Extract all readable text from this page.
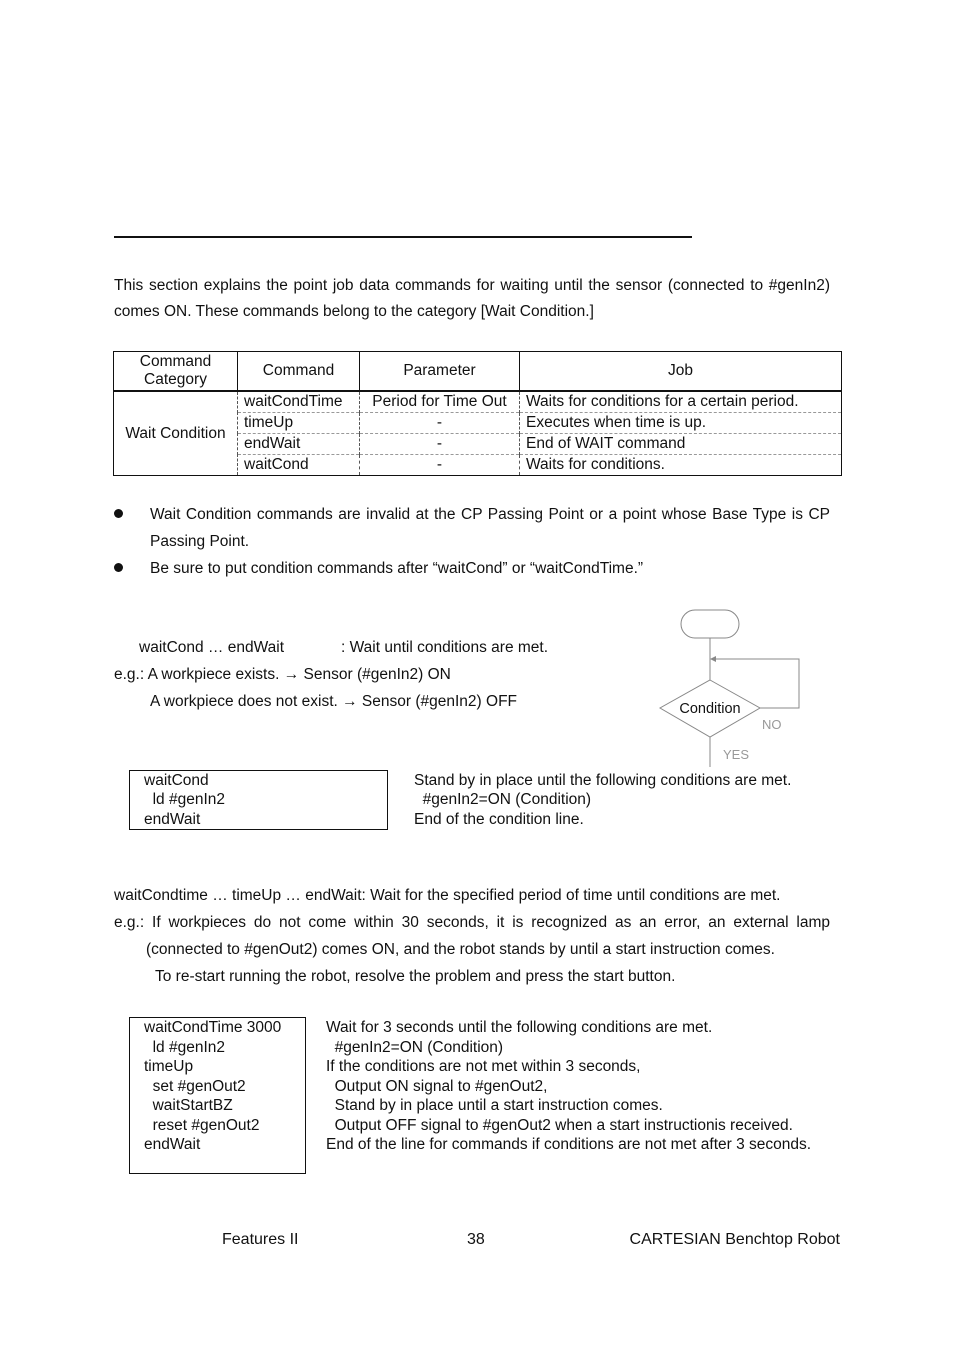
This section explains the point job data commands for waiting until the sensor (connected to #genIn2) comes ON. These commands belong to the category [Wait Condition.]
Command Category	Command	Parameter	Job
Wait Condition	waitCondTime	Period for Time Out	Waits for conditions for a certain period.
	timeUp	-	Executes when time is up.
	endWait	-	End of WAIT command
	waitCond	-	Waits for conditions.
Wait Condition commands are invalid at the CP Passing Point or a point whose Base Type is CP Passing Point.
Be sure to put condition commands after “waitCond” or “waitCondTime.”
waitCond … endWait	: Wait until conditions are met.
e.g.: A workpiece exists. → Sensor (#genIn2) ON
A workpiece does not exist. → Sensor (#genIn2) OFF	Condition
NO
YES
waitCond
ld #genIn2
endWait
Stand by in place until the following conditions are met.
#genIn2=ON (Condition)
End of the condition line.
waitCondtime … timeUp … endWait: Wait for the specified period of time until conditions are met.
e.g.: If workpieces do not come within 30 seconds, it is recognized as an error, an external lamp
(connected to #genOut2) comes ON, and the robot stands by until a start instruction comes.
To re-start running the robot, resolve the problem and press the start button.
waitCondTime 3000
ld #genIn2
timeUp
set #genOut2
waitStartBZ
reset #genOut2
endWait
Wait for 3 seconds until the following conditions are met.
#genIn2=ON (Condition)
If the conditions are not met within 3 seconds,
Output ON signal to #genOut2,
Stand by in place until a start instruction comes.
Output OFF signal to #genOut2 when a start instructionis received.
End of the line for commands if conditions are not met after 3 seconds.
Features II	38	CARTESIAN Benchtop Robot
